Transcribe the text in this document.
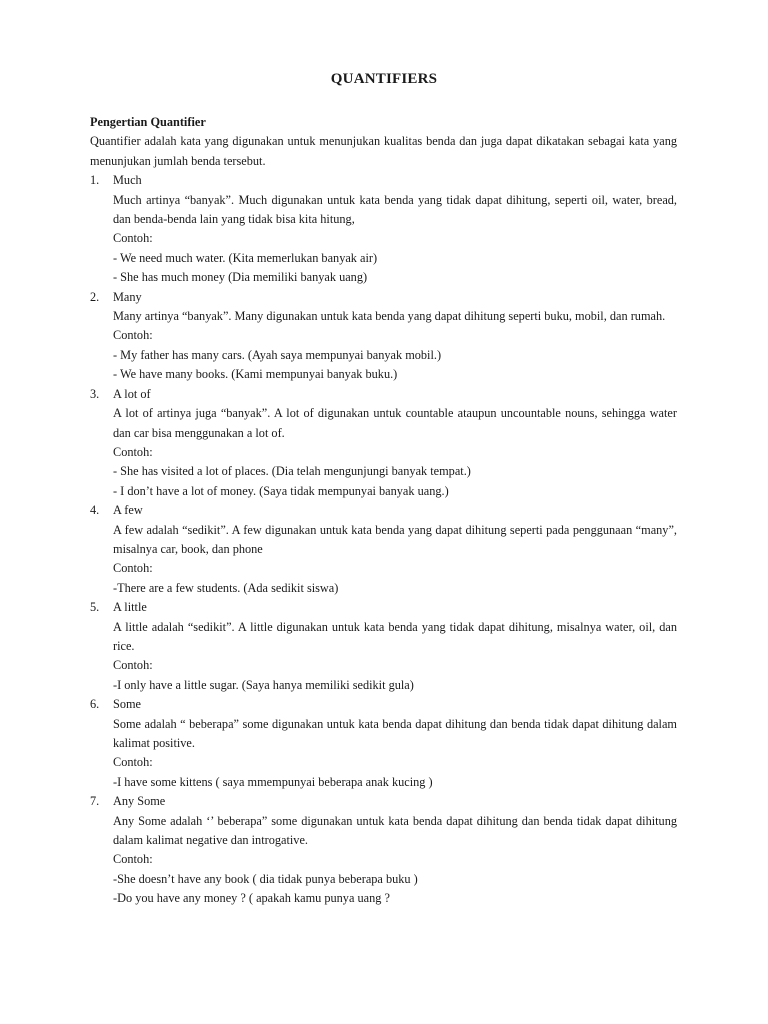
QUANTIFIERS

Pengertian Quantifier

Quantifier adalah kata yang digunakan untuk menunjukan kualitas benda dan juga dapat dikatakan sebagai kata yang menunjukan jumlah benda tersebut.

1. Much

Much artinya “banyak”. Much digunakan untuk kata benda yang tidak dapat dihitung, seperti oil, water, bread, dan benda-benda lain yang tidak bisa kita hitung,

Contoh:
- We need much water. (Kita memerlukan banyak air)
- She has much money (Dia memiliki banyak uang)
2. Many

Many artinya “banyak”. Many digunakan untuk kata benda yang dapat dihitung seperti buku, mobil, dan rumah.

Contoh:
- My father has many cars. (Ayah saya mempunyai banyak mobil.)
- We have many books. (Kami mempunyai banyak buku.)
3. A lot of

A lot of artinya juga “banyak”. A lot of digunakan untuk countable ataupun uncountable nouns, sehingga water dan car bisa menggunakan a lot of.

Contoh:
- She has visited a lot of places. (Dia telah mengunjungi banyak tempat.)
- I don’t have a lot of money. (Saya tidak mempunyai banyak uang.)
4. A few

A few adalah “sedikit”. A few digunakan untuk kata benda yang dapat dihitung seperti pada penggunaan “many”, misalnya car, book, dan phone

Contoh:
-There are a few students. (Ada sedikit siswa)
5. A little

A little adalah “sedikit”. A little digunakan untuk kata benda yang tidak dapat dihitung, misalnya water, oil, dan rice.

Contoh:
-I only have a little sugar. (Saya hanya memiliki sedikit gula)
6. Some

Some adalah “ beberapa” some digunakan untuk kata benda dapat dihitung dan benda tidak dapat dihitung dalam kalimat positive.

Contoh:
-I have some kittens ( saya mmempunyai beberapa anak kucing )
7. Any Some

Any Some adalah ‘’ beberapa” some digunakan untuk kata benda dapat dihitung dan benda tidak dapat dihitung dalam kalimat negative dan introgative.

Contoh:
-She doesn’t have any book ( dia tidak punya beberapa buku )
-Do you have any money ? ( apakah kamu punya uang ?
